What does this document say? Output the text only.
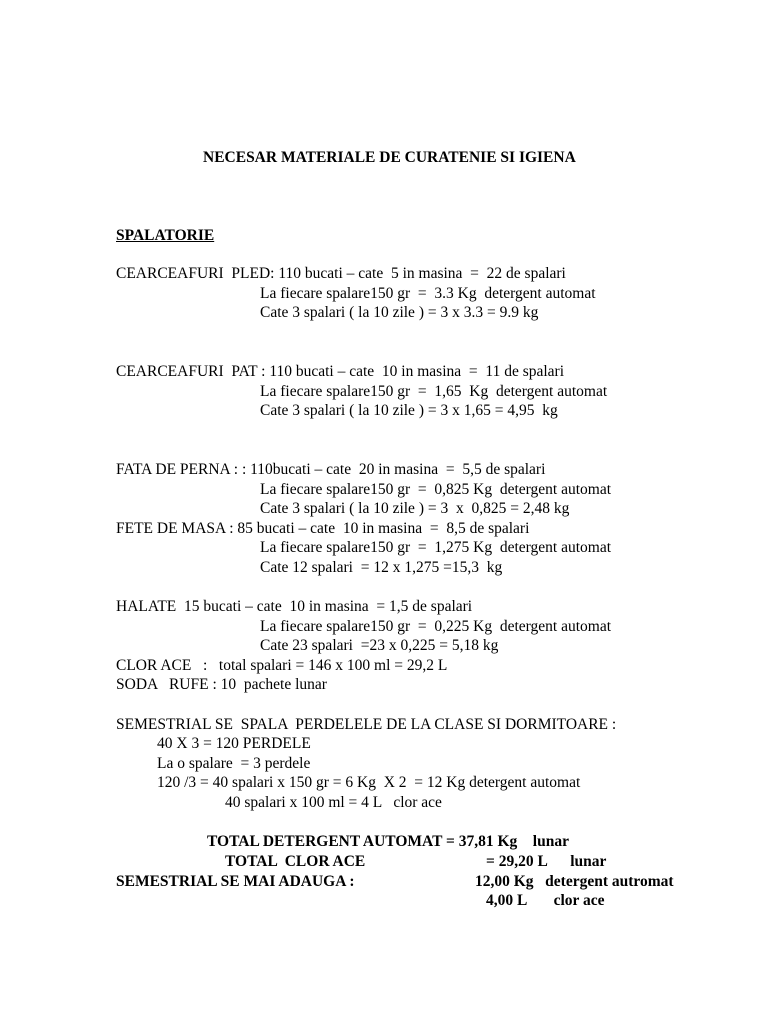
NECESAR MATERIALE DE CURATENIE SI IGIENA
SPALATORIE
CEARCEAFURI  PLED: 110 bucati – cate  5 in masina  =  22 de spalari
La fiecare spalare150 gr  =  3.3 Kg  detergent automat
Cate 3 spalari ( la 10 zile ) = 3 x 3.3 = 9.9 kg
CEARCEAFURI  PAT : 110 bucati – cate  10 in masina  =  11 de spalari
La fiecare spalare150 gr  =  1,65  Kg  detergent automat
Cate 3 spalari ( la 10 zile ) = 3 x 1,65 = 4,95  kg
FATA DE PERNA : : 110bucati – cate  20 in masina  =  5,5 de spalari
La fiecare spalare150 gr  =  0,825 Kg  detergent automat
Cate 3 spalari ( la 10 zile ) = 3  x  0,825 = 2,48 kg
FETE DE MASA : 85 bucati – cate  10 in masina  =  8,5 de spalari
La fiecare spalare150 gr  =  1,275 Kg  detergent automat
Cate 12 spalari  = 12 x 1,275 =15,3  kg
HALATE  15 bucati – cate  10 in masina  = 1,5 de spalari
La fiecare spalare150 gr  =  0,225 Kg  detergent automat
Cate 23 spalari  =23 x 0,225 = 5,18 kg
CLOR ACE   :   total spalari = 146 x 100 ml = 29,2 L
SODA   RUFE : 10  pachete lunar
SEMESTRIAL SE  SPALA  PERDELELE DE LA CLASE SI DORMITOARE :
40 X 3 = 120 PERDELE
La o spalare  = 3 perdele
120 /3 = 40 spalari x 150 gr = 6 Kg  X 2  = 12 Kg detergent automat
40 spalari x 100 ml = 4 L   clor ace
TOTAL DETERGENT AUTOMAT = 37,81 Kg    lunar
TOTAL  CLOR ACE	= 29,20 L      lunar
SEMESTRIAL SE MAI ADAUGA :	12,00 Kg   detergent autromat
4,00 L       clor ace
